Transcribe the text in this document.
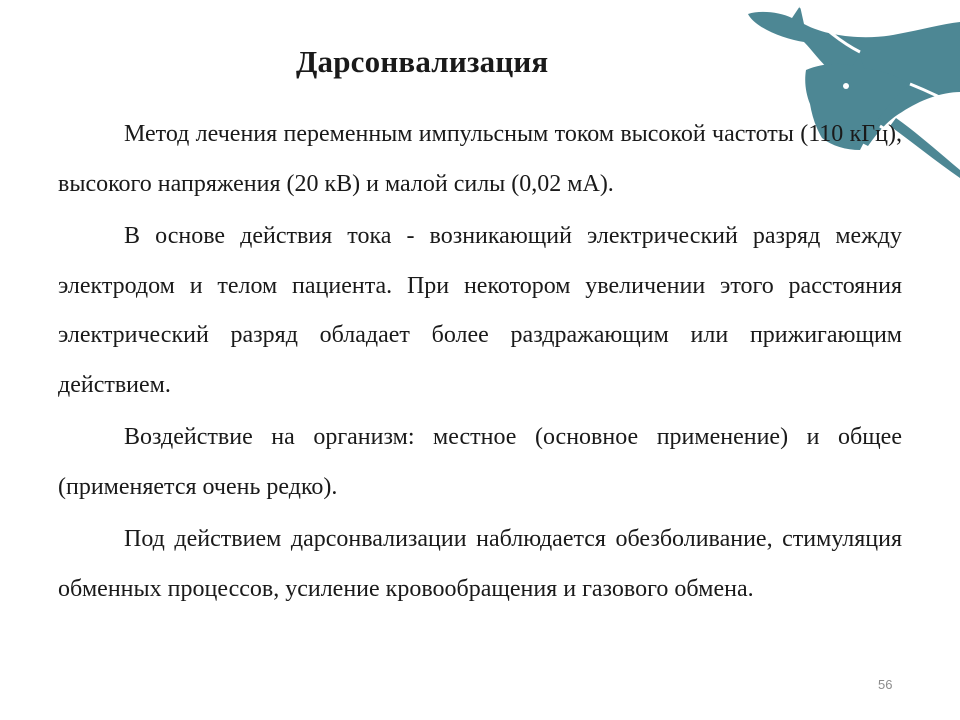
Дарсонвализация

Метод лечения переменным импульсным током высокой частоты (110 кГц), высокого напряжения (20 кВ) и малой силы (0,02 мА).

В основе действия тока - возникающий электрический разряд между электродом и телом пациента. При некотором увеличении этого расстояния электрический разряд обладает более раздражающим или прижигающим действием.

Воздействие на организм: местное (основное применение) и общее (применяется очень редко).

Под действием дарсонвализации наблюдается обезболивание, стимуляция обменных процессов, усиление кровообращения и газового обмена.

56
